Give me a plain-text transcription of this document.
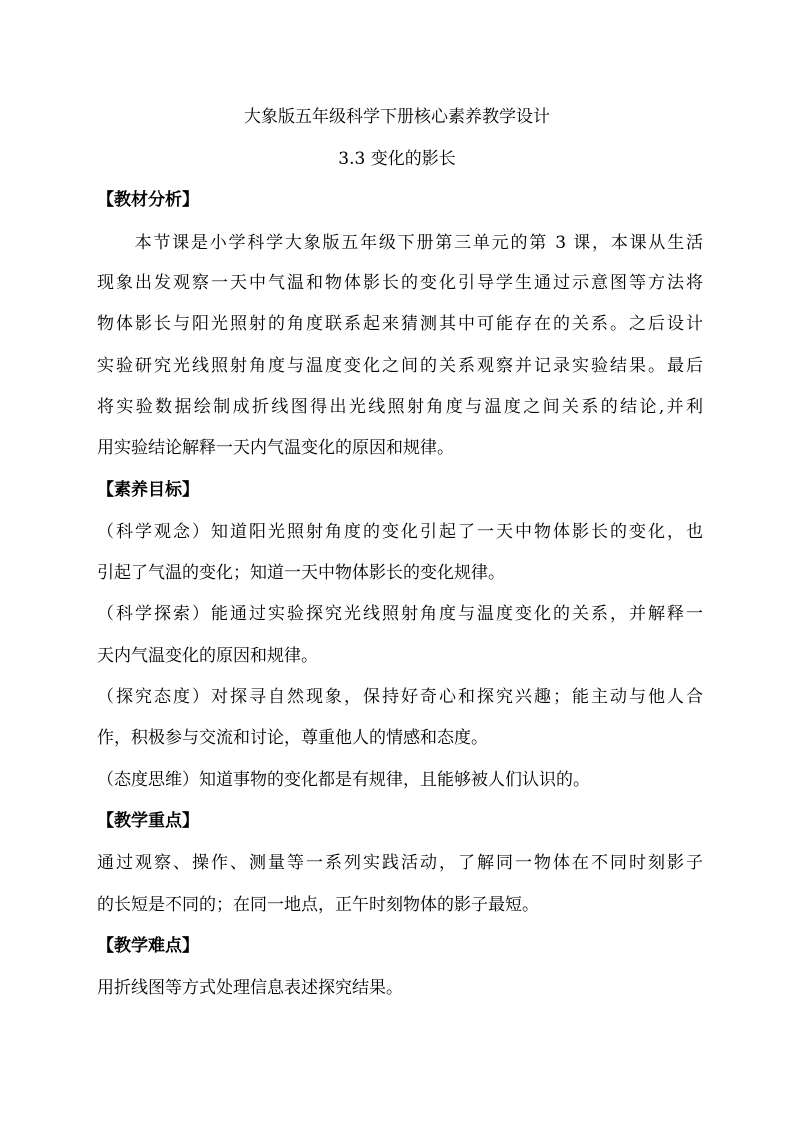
大象版五年级科学下册核心素养教学设计
3.3 变化的影长
【教材分析】
　　本节课是小学科学大象版五年级下册第三单元的第 3 课，本课从生活
现象出发观察一天中气温和物体影长的变化引导学生通过示意图等方法将
物体影长与阳光照射的角度联系起来猜测其中可能存在的关系。之后设计
实验研究光线照射角度与温度变化之间的关系观察并记录实验结果。最后
将实验数据绘制成折线图得出光线照射角度与温度之间关系的结论,并利
用实验结论解释一天内气温变化的原因和规律。
【素养目标】
（科学观念）知道阳光照射角度的变化引起了一天中物体影长的变化，也
引起了气温的变化；知道一天中物体影长的变化规律。
（科学探索）能通过实验探究光线照射角度与温度变化的关系，并解释一
天内气温变化的原因和规律。
（探究态度）对探寻自然现象，保持好奇心和探究兴趣；能主动与他人合
作，积极参与交流和讨论，尊重他人的情感和态度。
（态度思维）知道事物的变化都是有规律，且能够被人们认识的。
【教学重点】
通过观察、操作、测量等一系列实践活动，了解同一物体在不同时刻影子
的长短是不同的；在同一地点，正午时刻物体的影子最短。
【教学难点】
用折线图等方式处理信息表述探究结果。
